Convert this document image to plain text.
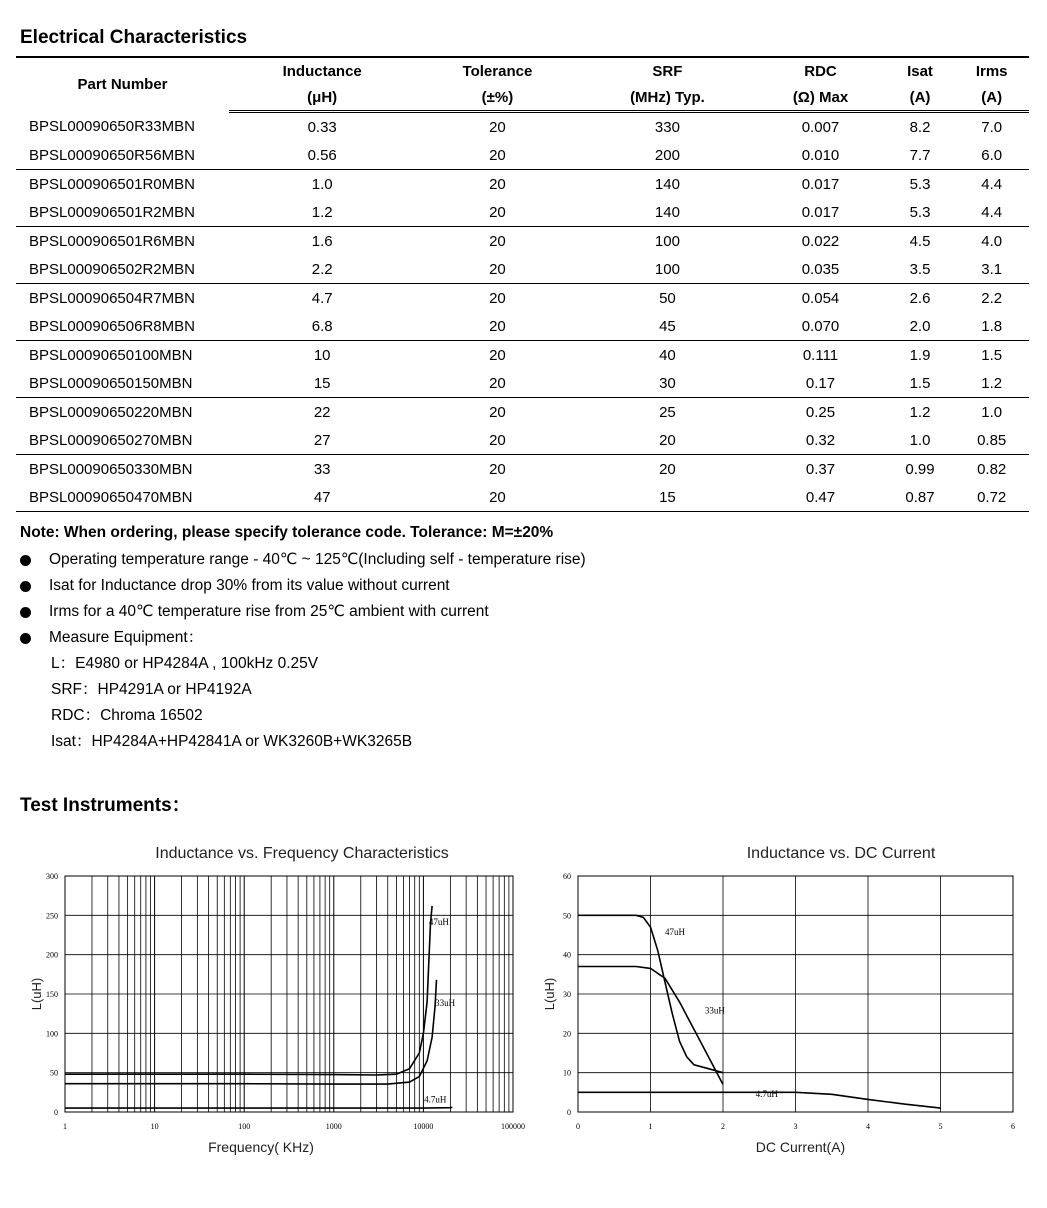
Electrical Characteristics
Part Number	Inductance	Tolerance	SRF	RDC	Isat	Irms
	(μH)	(±%)	(MHz) Typ.	(Ω) Max	(A)	(A)
BPSL00090650R33MBN	0.33	20	330	0.007	8.2	7.0
BPSL00090650R56MBN	0.56	20	200	0.010	7.7	6.0
BPSL000906501R0MBN	1.0	20	140	0.017	5.3	4.4
BPSL000906501R2MBN	1.2	20	140	0.017	5.3	4.4
BPSL000906501R6MBN	1.6	20	100	0.022	4.5	4.0
BPSL000906502R2MBN	2.2	20	100	0.035	3.5	3.1
BPSL000906504R7MBN	4.7	20	50	0.054	2.6	2.2
BPSL000906506R8MBN	6.8	20	45	0.070	2.0	1.8
BPSL00090650100MBN	10	20	40	0.111	1.9	1.5
BPSL00090650150MBN	15	20	30	0.17	1.5	1.2
BPSL00090650220MBN	22	20	25	0.25	1.2	1.0
BPSL00090650270MBN	27	20	20	0.32	1.0	0.85
BPSL00090650330MBN	33	20	20	0.37	0.99	0.82
BPSL00090650470MBN	47	20	15	0.47	0.87	0.72
Note: When ordering, please specify tolerance code. Tolerance: M=±20%
Operating temperature range - 40℃ ~ 125℃(Including self - temperature rise)
Isat for Inductance drop 30% from its value without current
Irms for a 40℃ temperature rise from 25℃ ambient with current
Measure Equipment：
L：E4980 or HP4284A , 100kHz 0.25V
SRF：HP4291A or HP4192A
RDC：Chroma 16502
Isat：HP4284A+HP42841A or WK3260B+WK3265B
Test Instruments：
Inductance vs. Frequency Characteristics
0
50
100
150
200
250
300
1	10	100	1000	10000	100000
Frequency( KHz)
L(uH)
47uH
33uH
4.7uH
Inductance vs. DC Current
0
10
20
30
40
50
60
0	1	2	3	4	5	6
DC Current(A)
L(uH)
47uH
33uH
4.7uH
